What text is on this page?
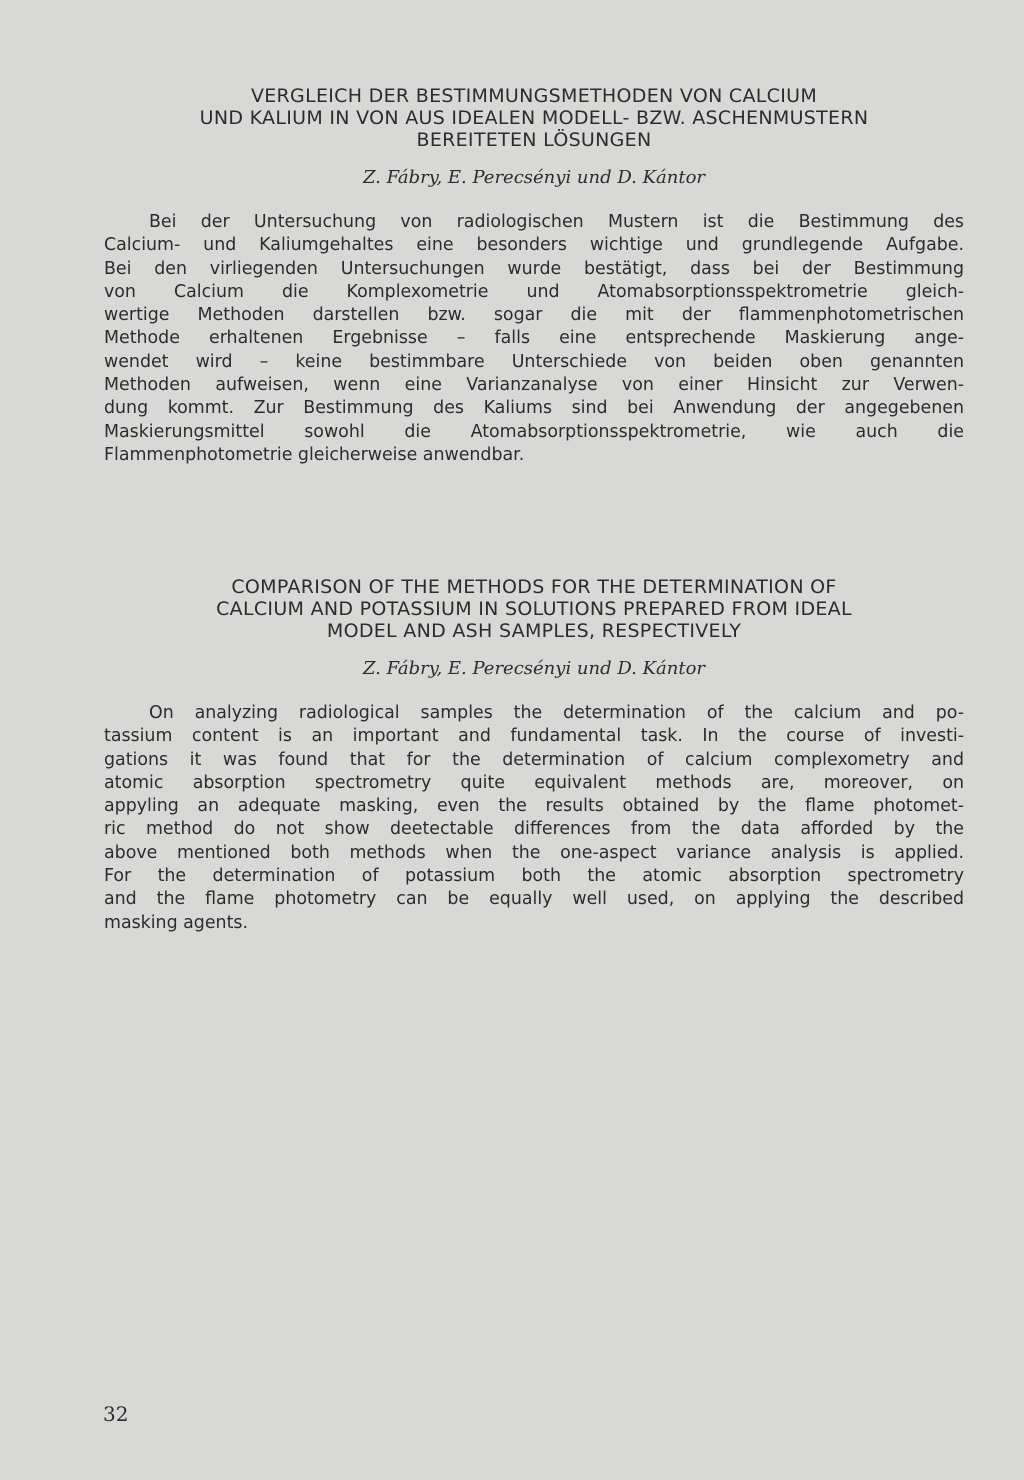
VERGLEICH DER BESTIMMUNGSMETHODEN VON CALCIUM

UND KALIUM IN VON AUS IDEALEN MODELL- BZW. ASCHENMUSTERN

BEREITETEN LÖSUNGEN

Z. Fábry, E. Perecsényi und D. Kántor

Bei der Untersuchung von radiologischen Mustern ist die Bestimmung des

Calcium- und Kaliumgehaltes eine besonders wichtige und grundlegende Aufgabe.

Bei den virliegenden Untersuchungen wurde bestätigt, dass bei der Bestimmung

von Calcium die Komplexometrie und Atomabsorptionsspektrometrie gleich-

wertige Methoden darstellen bzw. sogar die mit der flammenphotometrischen

Methode erhaltenen Ergebnisse – falls eine entsprechende Maskierung ange-

wendet wird – keine bestimmbare Unterschiede von beiden oben genannten

Methoden aufweisen, wenn eine Varianzanalyse von einer Hinsicht zur Verwen-

dung kommt. Zur Bestimmung des Kaliums sind bei Anwendung der angegebenen

Maskierungsmittel sowohl die Atomabsorptionsspektrometrie, wie auch die

Flammenphotometrie gleicherweise anwendbar.

COMPARISON OF THE METHODS FOR THE DETERMINATION OF

CALCIUM AND POTASSIUM IN SOLUTIONS PREPARED FROM IDEAL

MODEL AND ASH SAMPLES, RESPECTIVELY

Z. Fábry, E. Perecsényi und D. Kántor

On analyzing radiological samples the determination of the calcium and po-

tassium content is an important and fundamental task. In the course of investi-

gations it was found that for the determination of calcium complexometry and

atomic absorption spectrometry quite equivalent methods are, moreover, on

appyling an adequate masking, even the results obtained by the flame photomet-

ric method do not show deetectable differences from the data afforded by the

above mentioned both methods when the one-aspect variance analysis is applied.

For the determination of potassium both the atomic absorption spectrometry

and the flame photometry can be equally well used, on applying the described

masking agents.

32
